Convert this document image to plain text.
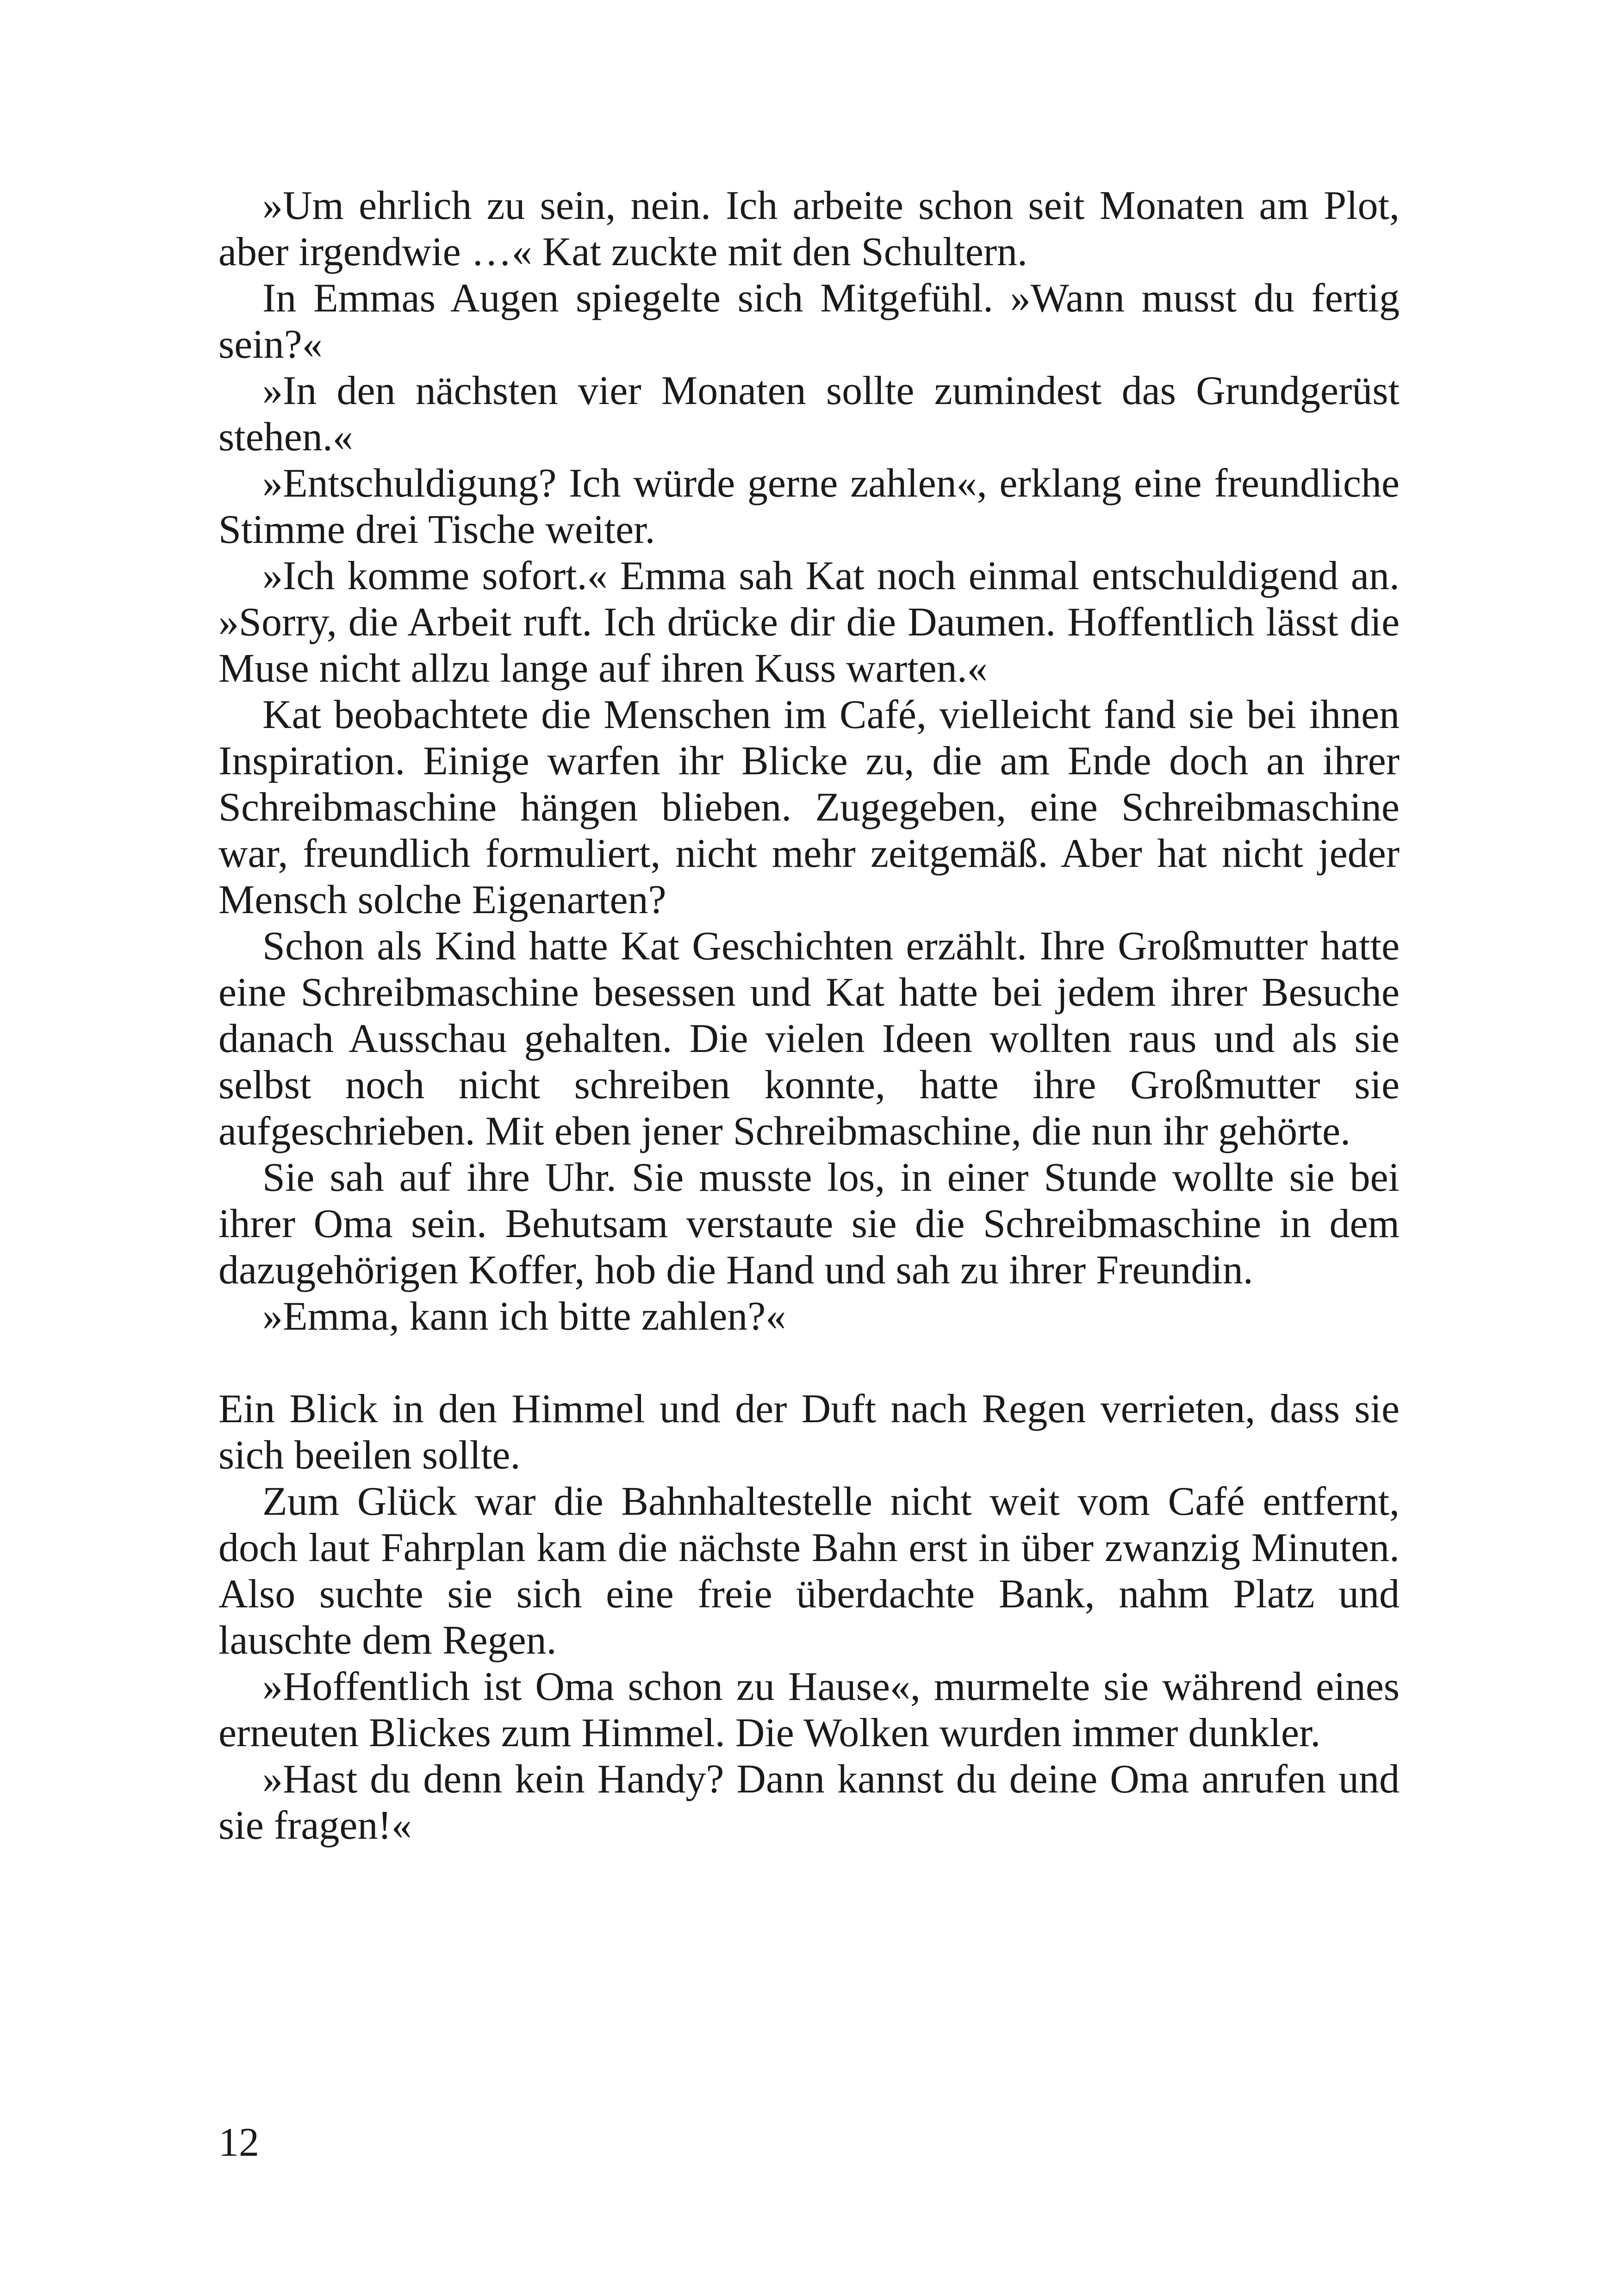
»Um ehrlich zu sein, nein. Ich arbeite schon seit Monaten am Plot, aber irgendwie …« Kat zuckte mit den Schultern.

In Emmas Augen spiegelte sich Mitgefühl. »Wann musst du fertig sein?«

»In den nächsten vier Monaten sollte zumindest das Grundgerüst stehen.«

»Entschuldigung? Ich würde gerne zahlen«, erklang eine freundliche Stimme drei Tische weiter.

»Ich komme sofort.« Emma sah Kat noch einmal entschuldigend an. »Sorry, die Arbeit ruft. Ich drücke dir die Daumen. Hoffentlich lässt die Muse nicht allzu lange auf ihren Kuss warten.«

Kat beobachtete die Menschen im Café, vielleicht fand sie bei ihnen Inspiration. Einige warfen ihr Blicke zu, die am Ende doch an ihrer Schreibmaschine hängen blieben. Zugegeben, eine Schreibmaschine war, freundlich formuliert, nicht mehr zeitgemäß. Aber hat nicht jeder Mensch solche Eigenarten?

Schon als Kind hatte Kat Geschichten erzählt. Ihre Großmutter hatte eine Schreibmaschine besessen und Kat hatte bei jedem ihrer Besuche danach Ausschau gehalten. Die vielen Ideen wollten raus und als sie selbst noch nicht schreiben konnte, hatte ihre Großmutter sie aufgeschrieben. Mit eben jener Schreibmaschine, die nun ihr gehörte.

Sie sah auf ihre Uhr. Sie musste los, in einer Stunde wollte sie bei ihrer Oma sein. Behutsam verstaute sie die Schreibmaschine in dem dazugehörigen Koffer, hob die Hand und sah zu ihrer Freundin.

»Emma, kann ich bitte zahlen?«

Ein Blick in den Himmel und der Duft nach Regen verrieten, dass sie sich beeilen sollte.

Zum Glück war die Bahnhaltestelle nicht weit vom Café entfernt, doch laut Fahrplan kam die nächste Bahn erst in über zwanzig Minuten. Also suchte sie sich eine freie überdachte Bank, nahm Platz und lauschte dem Regen.

»Hoffentlich ist Oma schon zu Hause«, murmelte sie während eines erneuten Blickes zum Himmel. Die Wolken wurden immer dunkler.

»Hast du denn kein Handy? Dann kannst du deine Oma anrufen und sie fragen!«

12
